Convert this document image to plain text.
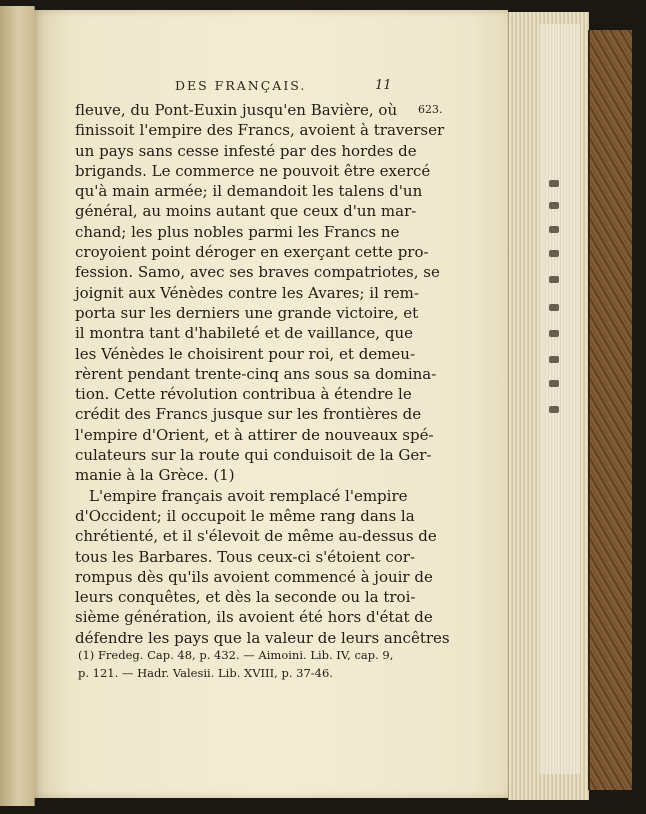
DES FRANÇAIS.	11
623.
fleuve, du Pont-Euxin jusqu'en Bavière, où
finissoit l'empire des Francs, avoient à traverser
un pays sans cesse infesté par des hordes de
brigands. Le commerce ne pouvoit être exercé
qu'à main armée; il demandoit les talens d'un
général, au moins autant que ceux d'un mar-
chand; les plus nobles parmi les Francs ne
croyoient point déroger en exerçant cette pro-
fession. Samo, avec ses braves compatriotes, se
joignit aux Vénèdes contre les Avares; il rem-
porta sur les derniers une grande victoire, et
il montra tant d'habileté et de vaillance, que
les Vénèdes le choisirent pour roi, et demeu-
rèrent pendant trente-cinq ans sous sa domina-
tion. Cette révolution contribua à étendre le
crédit des Francs jusque sur les frontières de
l'empire d'Orient, et à attirer de nouveaux spé-
culateurs sur la route qui conduisoit de la Ger-
manie à la Grèce. (1)
L'empire français avoit remplacé l'empire
d'Occident; il occupoit le même rang dans la
chrétienté, et il s'élevoit de même au-dessus de
tous les Barbares. Tous ceux-ci s'étoient cor-
rompus dès qu'ils avoient commencé à jouir de
leurs conquêtes, et dès la seconde ou la troi-
sième génération, ils avoient été hors d'état de
défendre les pays que la valeur de leurs ancêtres
(1) Fredeg. Cap. 48, p. 432. — Aimoini. Lib. IV, cap. 9,
p. 121. — Hadr. Valesii. Lib. XVIII, p. 37-46.
